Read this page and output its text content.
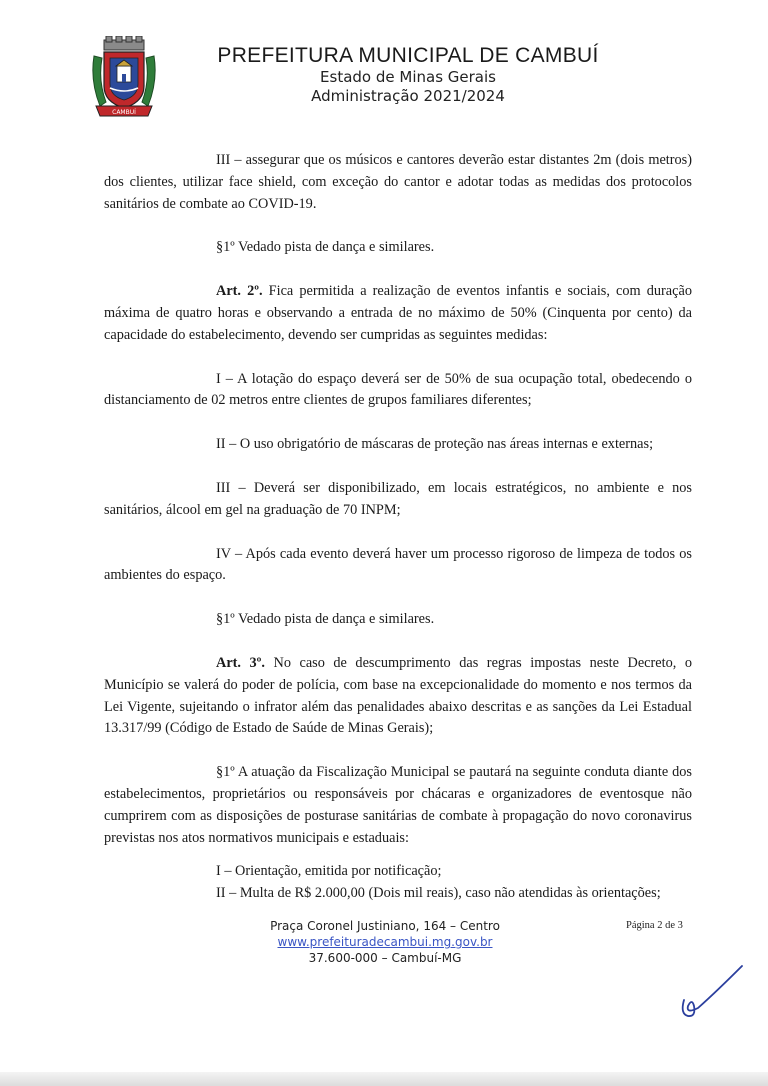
CAMBUÍ
PREFEITURA MUNICIPAL DE CAMBUÍ
Estado de Minas Gerais
Administração 2021/2024

III – assegurar que os músicos e cantores deverão estar distantes 2m (dois metros) dos clientes, utilizar face shield, com exceção do cantor e adotar todas as medidas dos protocolos sanitários de combate ao COVID-19.

§1º Vedado pista de dança e similares.

Art. 2º. Fica permitida a realização de eventos infantis e sociais, com duração máxima de quatro horas e observando a entrada de no máximo de 50% (Cinquenta por cento) da capacidade do estabelecimento, devendo ser cumpridas as seguintes medidas:

I – A lotação do espaço deverá ser de 50% de sua ocupação total, obedecendo o distanciamento de 02 metros entre clientes de grupos familiares diferentes;

II – O uso obrigatório de máscaras de proteção nas áreas internas e externas;

III – Deverá ser disponibilizado, em locais estratégicos, no ambiente e nos sanitários, álcool em gel na graduação de 70 INPM;

IV – Após cada evento deverá haver um processo rigoroso de limpeza de todos os ambientes do espaço.

§1º Vedado pista de dança e similares.

Art. 3º. No caso de descumprimento das regras impostas neste Decreto, o Município se valerá do poder de polícia, com base na excepcionalidade do momento e nos termos da Lei Vigente, sujeitando o infrator além das penalidades abaixo descritas e as sanções da Lei Estadual 13.317/99 (Código de Estado de Saúde de Minas Gerais);

§1º A atuação da Fiscalização Municipal se pautará na seguinte conduta diante dos estabelecimentos, proprietários ou responsáveis por chácaras e organizadores de eventosque não cumprirem com as disposições de posturase sanitárias de combate à propagação do novo coronavirus previstas nos atos normativos municipais e estaduais:

I – Orientação, emitida por notificação;

II – Multa de R$ 2.000,00 (Dois mil reais), caso não atendidas às orientações;

Praça Coronel Justiniano, 164 – Centro
www.prefeituradecambui.mg.gov.br
37.600-000 – Cambuí-MG
Página 2 de 3
